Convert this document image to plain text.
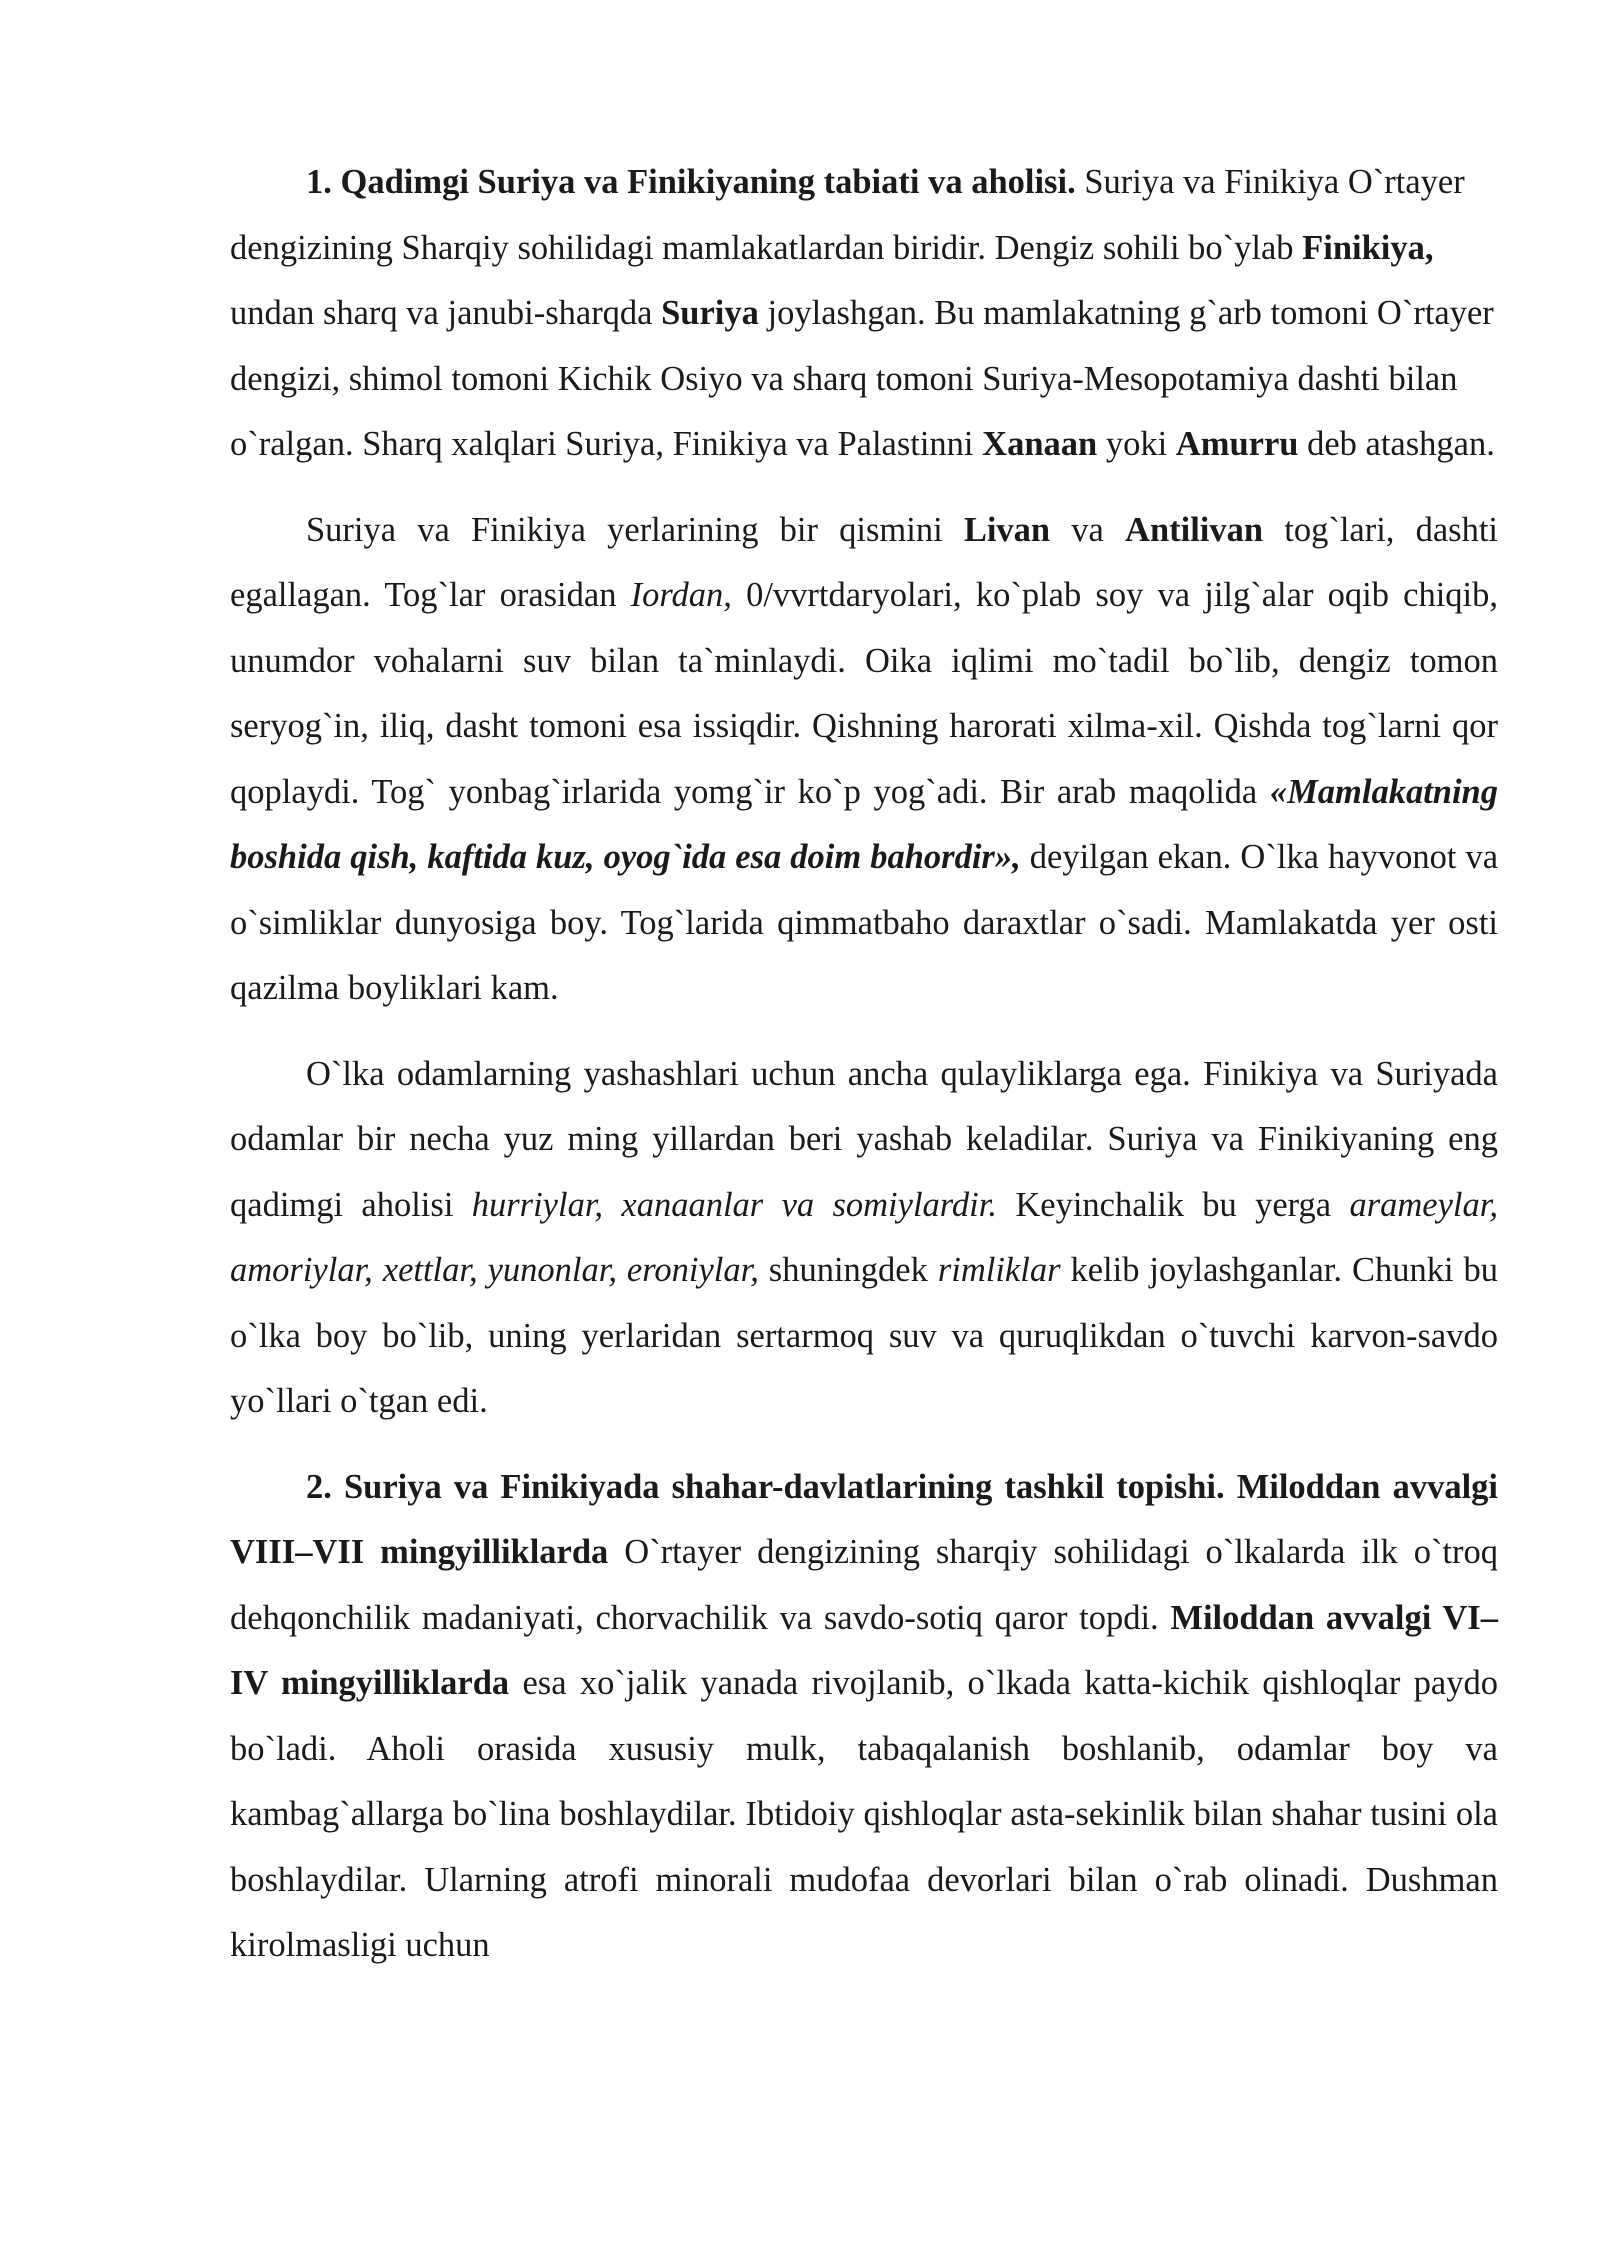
1. Qadimgi Suriya va Finikiyaning tabiati va aholisi. Suriya va Finikiya O`rtayer dengizining Sharqiy sohilidagi mamlakatlardan biridir. Dengiz sohili bo`ylab Finikiya, undan sharq va janubi-sharqda Suriya joylashgan. Bu mamlakatning g`arb tomoni O`rtayer dengizi, shimol tomoni Kichik Osiyo va sharq tomoni Suriya-Mesopotamiya dashti bilan o`ralgan. Sharq xalqlari Suriya, Finikiya va Palastinni Xanaan yoki Amurru deb atashgan.

Suriya va Finikiya yerlarining bir qismini Livan va Antilivan tog`lari, dashti egallagan. Tog`lar orasidan Iordan, 0/vvrtdaryolari, ko`plab soy va jilg`alar oqib chiqib, unumdor vohalarni suv bilan ta`minlaydi. Oika iqlimi mo`tadil bo`lib, dengiz tomon seryog`in, iliq, dasht tomoni esa issiqdir. Qishning harorati xilma-xil. Qishda tog`larni qor qoplaydi. Tog` yonbag`irlarida yomg`ir ko`p yog`adi. Bir arab maqolida «Mamlakatning boshida qish, kaftida kuz, oyog`ida esa doim bahordir», deyilgan ekan. O`lka hayvonot va o`simliklar dunyosiga boy. Tog`larida qimmatbaho daraxtlar o`sadi. Mamlakatda yer osti qazilma boyliklari kam.

O`lka odamlarning yashashlari uchun ancha qulayliklarga ega. Finikiya va Suriyada odamlar bir necha yuz ming yillardan beri yashab keladilar. Suriya va Finikiyaning eng qadimgi aholisi hurriylar, xanaanlar va somiylardir. Keyinchalik bu yerga arameylar, amoriylar, xettlar, yunonlar, eroniylar, shuningdek rimliklar kelib joylashganlar. Chunki bu o`lka boy bo`lib, uning yerlaridan sertarmoq suv va quruqlikdan o`tuvchi karvon-savdo yo`llari o`tgan edi.

2. Suriya va Finikiyada shahar-davlatlarining tashkil topishi. Miloddan avvalgi VIII–VII mingyilliklarda O`rtayer dengizining sharqiy sohilidagi o`lkalarda ilk o`troq dehqonchilik madaniyati, chorvachilik va savdo-sotiq qaror topdi. Miloddan avvalgi VI–IV mingyilliklarda esa xo`jalik yanada rivojlanib, o`lkada katta-kichik qishloqlar paydo bo`ladi. Aholi orasida xususiy mulk, tabaqalanish boshlanib, odamlar boy va kambag`allarga bo`lina boshlaydilar. Ibtidoiy qishloqlar asta-sekinlik bilan shahar tusini ola boshlaydilar. Ularning atrofi minorali mudofaa devorlari bilan o`rab olinadi. Dushman kirolmasligi uchun
